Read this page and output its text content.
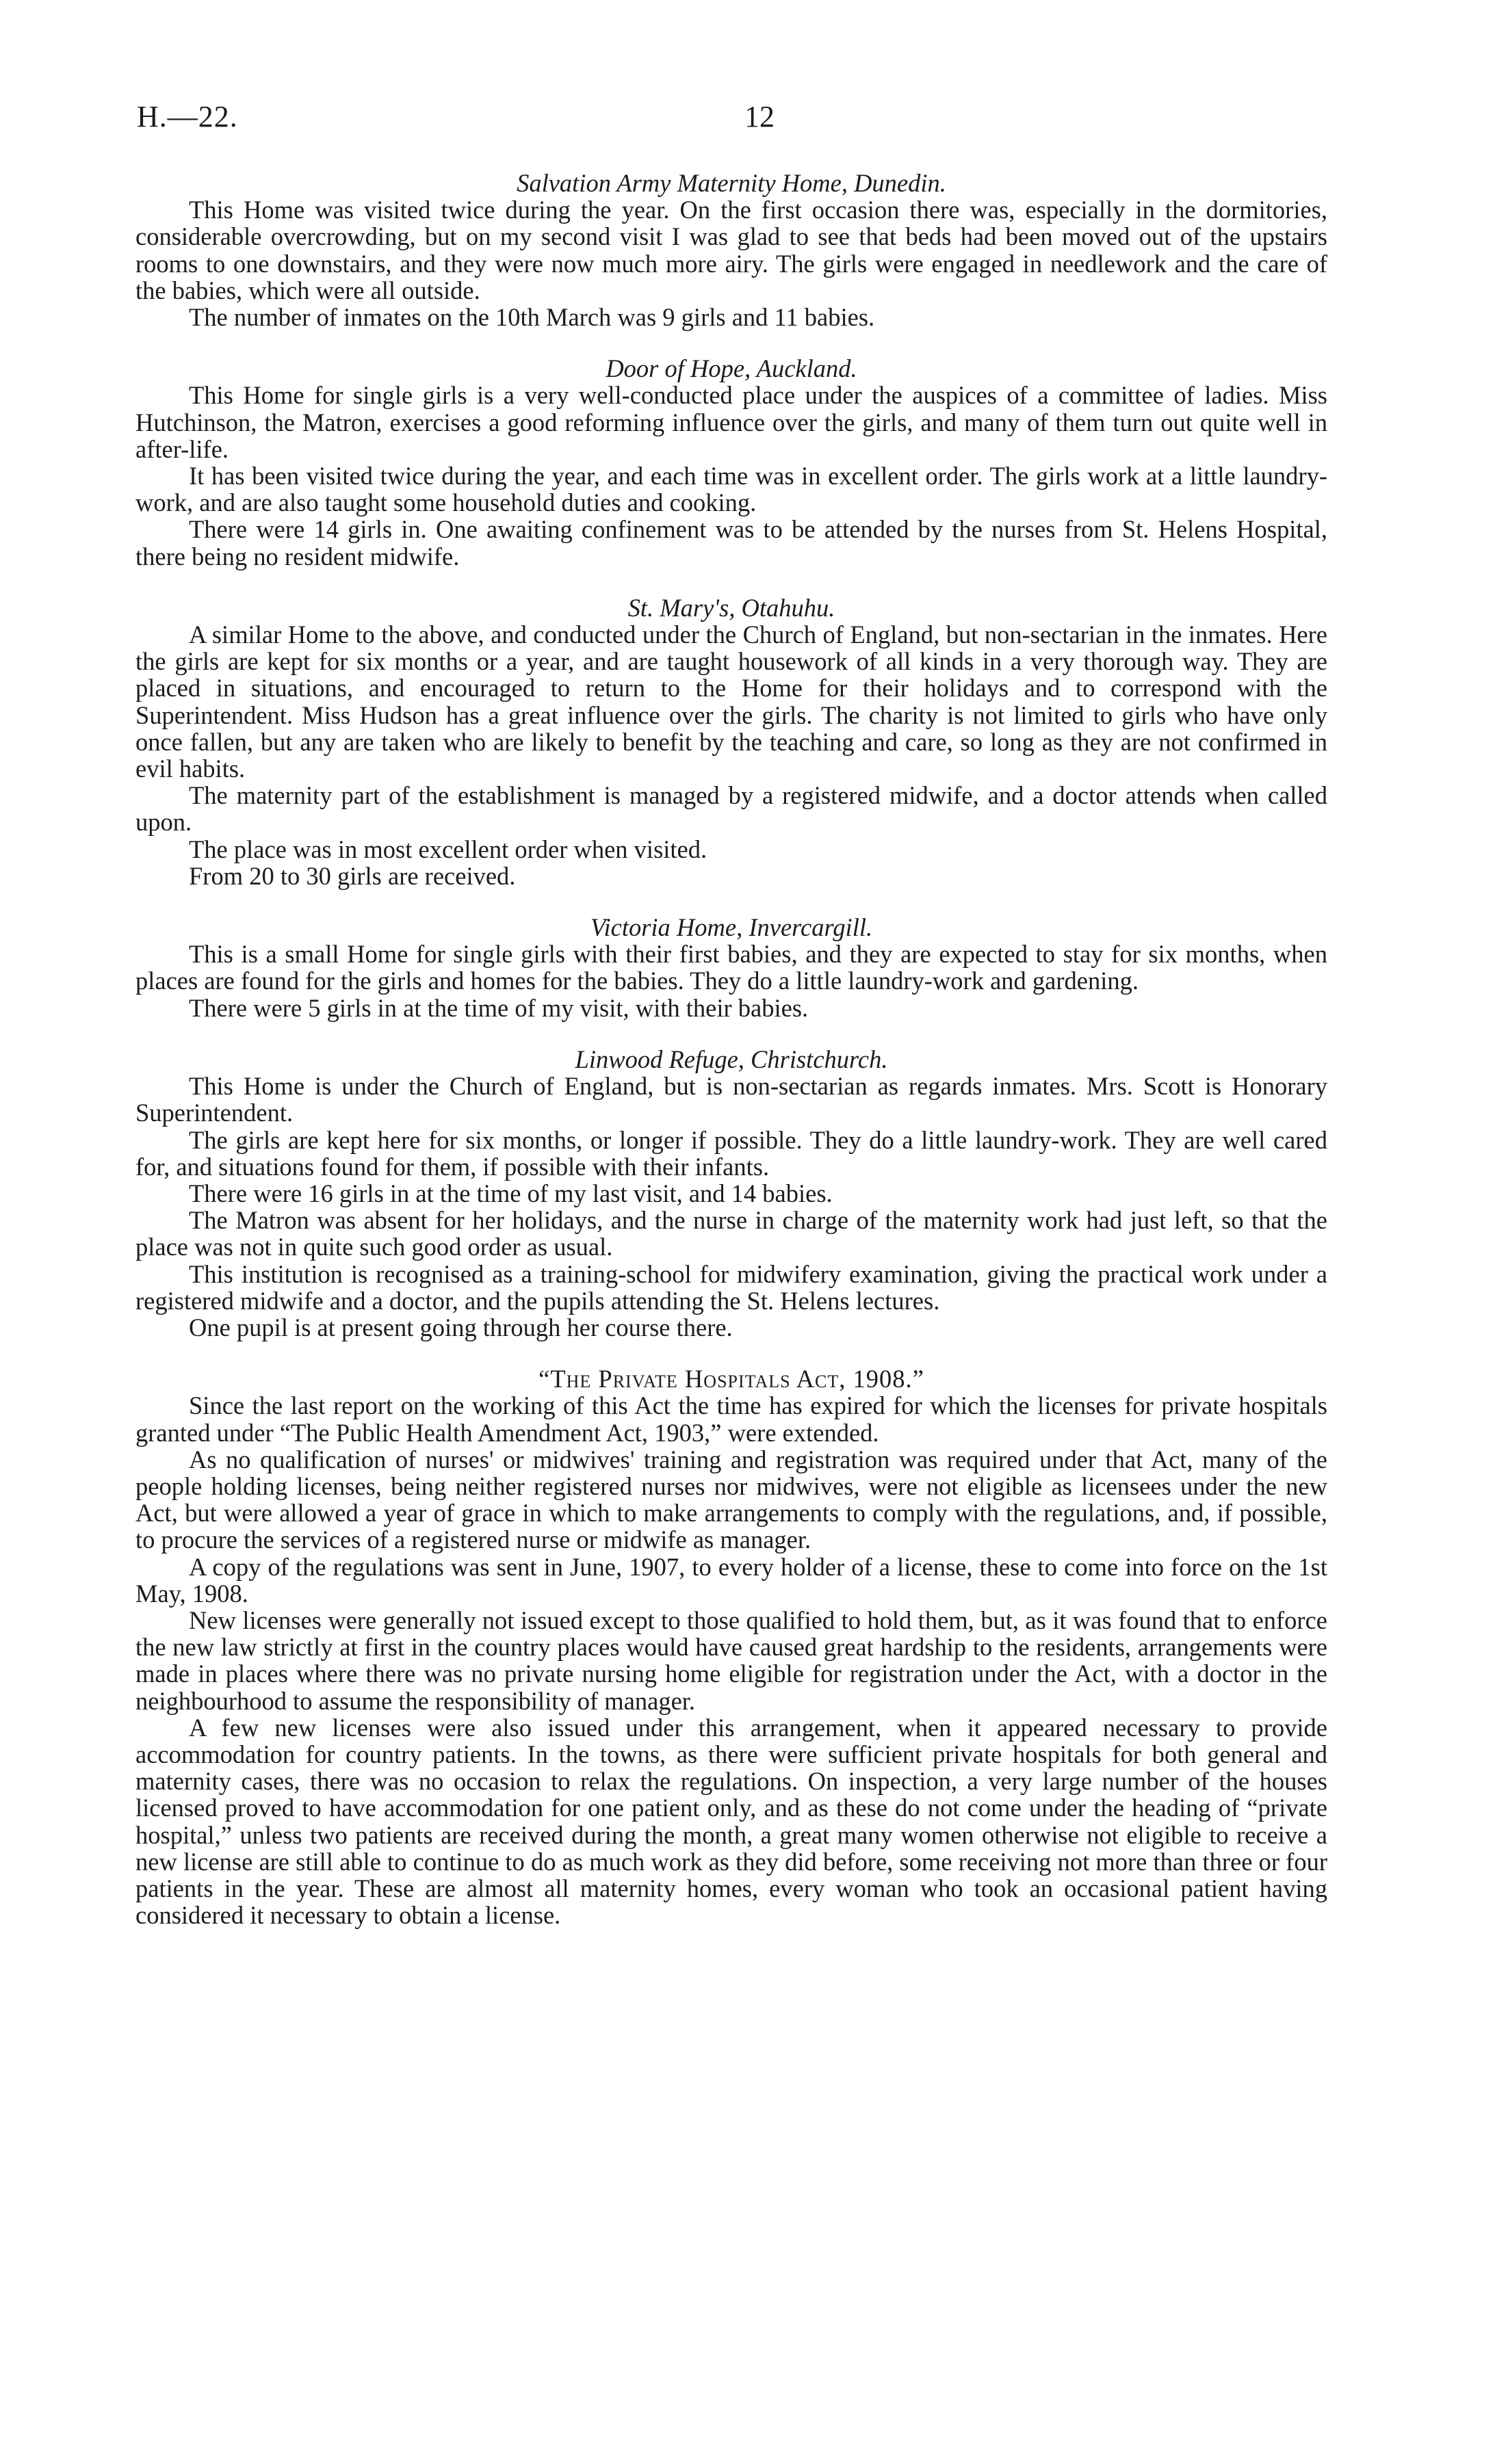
H.—22.	12
Salvation Army Maternity Home, Dunedin.

This Home was visited twice during the year. On the first occasion there was, especially in the dormitories, considerable overcrowding, but on my second visit I was glad to see that beds had been moved out of the upstairs rooms to one downstairs, and they were now much more airy. The girls were engaged in needlework and the care of the babies, which were all outside.

The number of inmates on the 10th March was 9 girls and 11 babies.

Door of Hope, Auckland.

This Home for single girls is a very well-conducted place under the auspices of a committee of ladies. Miss Hutchinson, the Matron, exercises a good reforming influence over the girls, and many of them turn out quite well in after-life.

It has been visited twice during the year, and each time was in excellent order. The girls work at a little laundry-work, and are also taught some household duties and cooking.

There were 14 girls in. One awaiting confinement was to be attended by the nurses from St. Helens Hospital, there being no resident midwife.

St. Mary's, Otahuhu.

A similar Home to the above, and conducted under the Church of England, but non-sectarian in the inmates. Here the girls are kept for six months or a year, and are taught housework of all kinds in a very thorough way. They are placed in situations, and encouraged to return to the Home for their holidays and to correspond with the Superintendent. Miss Hudson has a great influence over the girls. The charity is not limited to girls who have only once fallen, but any are taken who are likely to benefit by the teaching and care, so long as they are not confirmed in evil habits.

The maternity part of the establishment is managed by a registered midwife, and a doctor attends when called upon.

The place was in most excellent order when visited.

From 20 to 30 girls are received.

Victoria Home, Invercargill.

This is a small Home for single girls with their first babies, and they are expected to stay for six months, when places are found for the girls and homes for the babies. They do a little laundry-work and gardening.

There were 5 girls in at the time of my visit, with their babies.

Linwood Refuge, Christchurch.

This Home is under the Church of England, but is non-sectarian as regards inmates. Mrs. Scott is Honorary Superintendent.

The girls are kept here for six months, or longer if possible. They do a little laundry-work. They are well cared for, and situations found for them, if possible with their infants.

There were 16 girls in at the time of my last visit, and 14 babies.

The Matron was absent for her holidays, and the nurse in charge of the maternity work had just left, so that the place was not in quite such good order as usual.

This institution is recognised as a training-school for midwifery examination, giving the practical work under a registered midwife and a doctor, and the pupils attending the St. Helens lectures.

One pupil is at present going through her course there.

“The Private Hospitals Act, 1908.”

Since the last report on the working of this Act the time has expired for which the licenses for private hospitals granted under “The Public Health Amendment Act, 1903,” were extended.

As no qualification of nurses' or midwives' training and registration was required under that Act, many of the people holding licenses, being neither registered nurses nor midwives, were not eligible as licensees under the new Act, but were allowed a year of grace in which to make arrangements to comply with the regulations, and, if possible, to procure the services of a registered nurse or midwife as manager.

A copy of the regulations was sent in June, 1907, to every holder of a license, these to come into force on the 1st May, 1908.

New licenses were generally not issued except to those qualified to hold them, but, as it was found that to enforce the new law strictly at first in the country places would have caused great hardship to the residents, arrangements were made in places where there was no private nursing home eligible for registration under the Act, with a doctor in the neighbourhood to assume the responsibility of manager.

A few new licenses were also issued under this arrangement, when it appeared necessary to provide accommodation for country patients. In the towns, as there were sufficient private hospitals for both general and maternity cases, there was no occasion to relax the regulations. On inspection, a very large number of the houses licensed proved to have accommodation for one patient only, and as these do not come under the heading of “private hospital,” unless two patients are received during the month, a great many women otherwise not eligible to receive a new license are still able to continue to do as much work as they did before, some receiving not more than three or four patients in the year. These are almost all maternity homes, every woman who took an occasional patient having considered it necessary to obtain a license.
